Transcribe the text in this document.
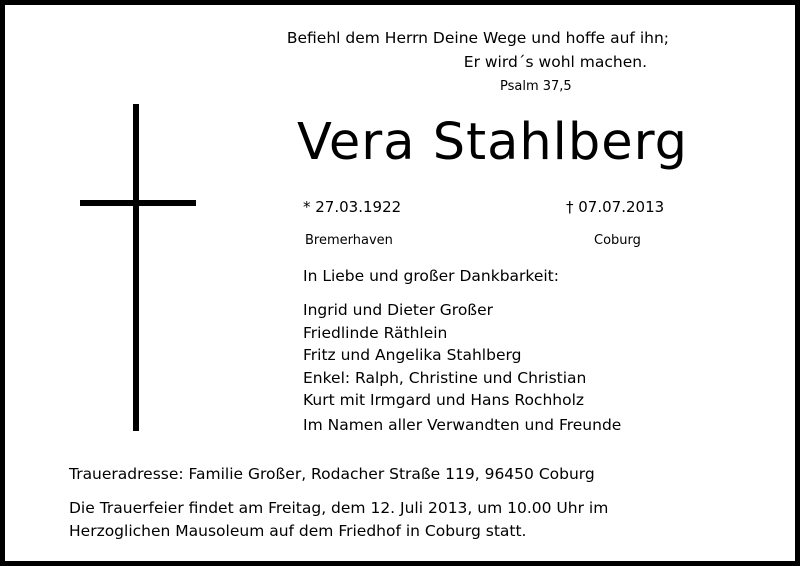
Befiehl dem Herrn Deine Wege und hoffe auf ihn;
Er wird´s wohl machen.
Psalm 37,5
Vera Stahlberg
* 27.03.1922	† 07.07.2013
Bremerhaven	Coburg
In Liebe und großer Dankbarkeit:
Ingrid und Dieter Großer
Friedlinde Räthlein
Fritz und Angelika Stahlberg
Enkel: Ralph, Christine und Christian
Kurt mit Irmgard und Hans Rochholz
Im Namen aller Verwandten und Freunde
Traueradresse: Familie Großer, Rodacher Straße 119, 96450 Coburg
Die Trauerfeier findet am Freitag, dem 12. Juli 2013, um 10.00 Uhr im
Herzoglichen Mausoleum auf dem Friedhof in Coburg statt.
